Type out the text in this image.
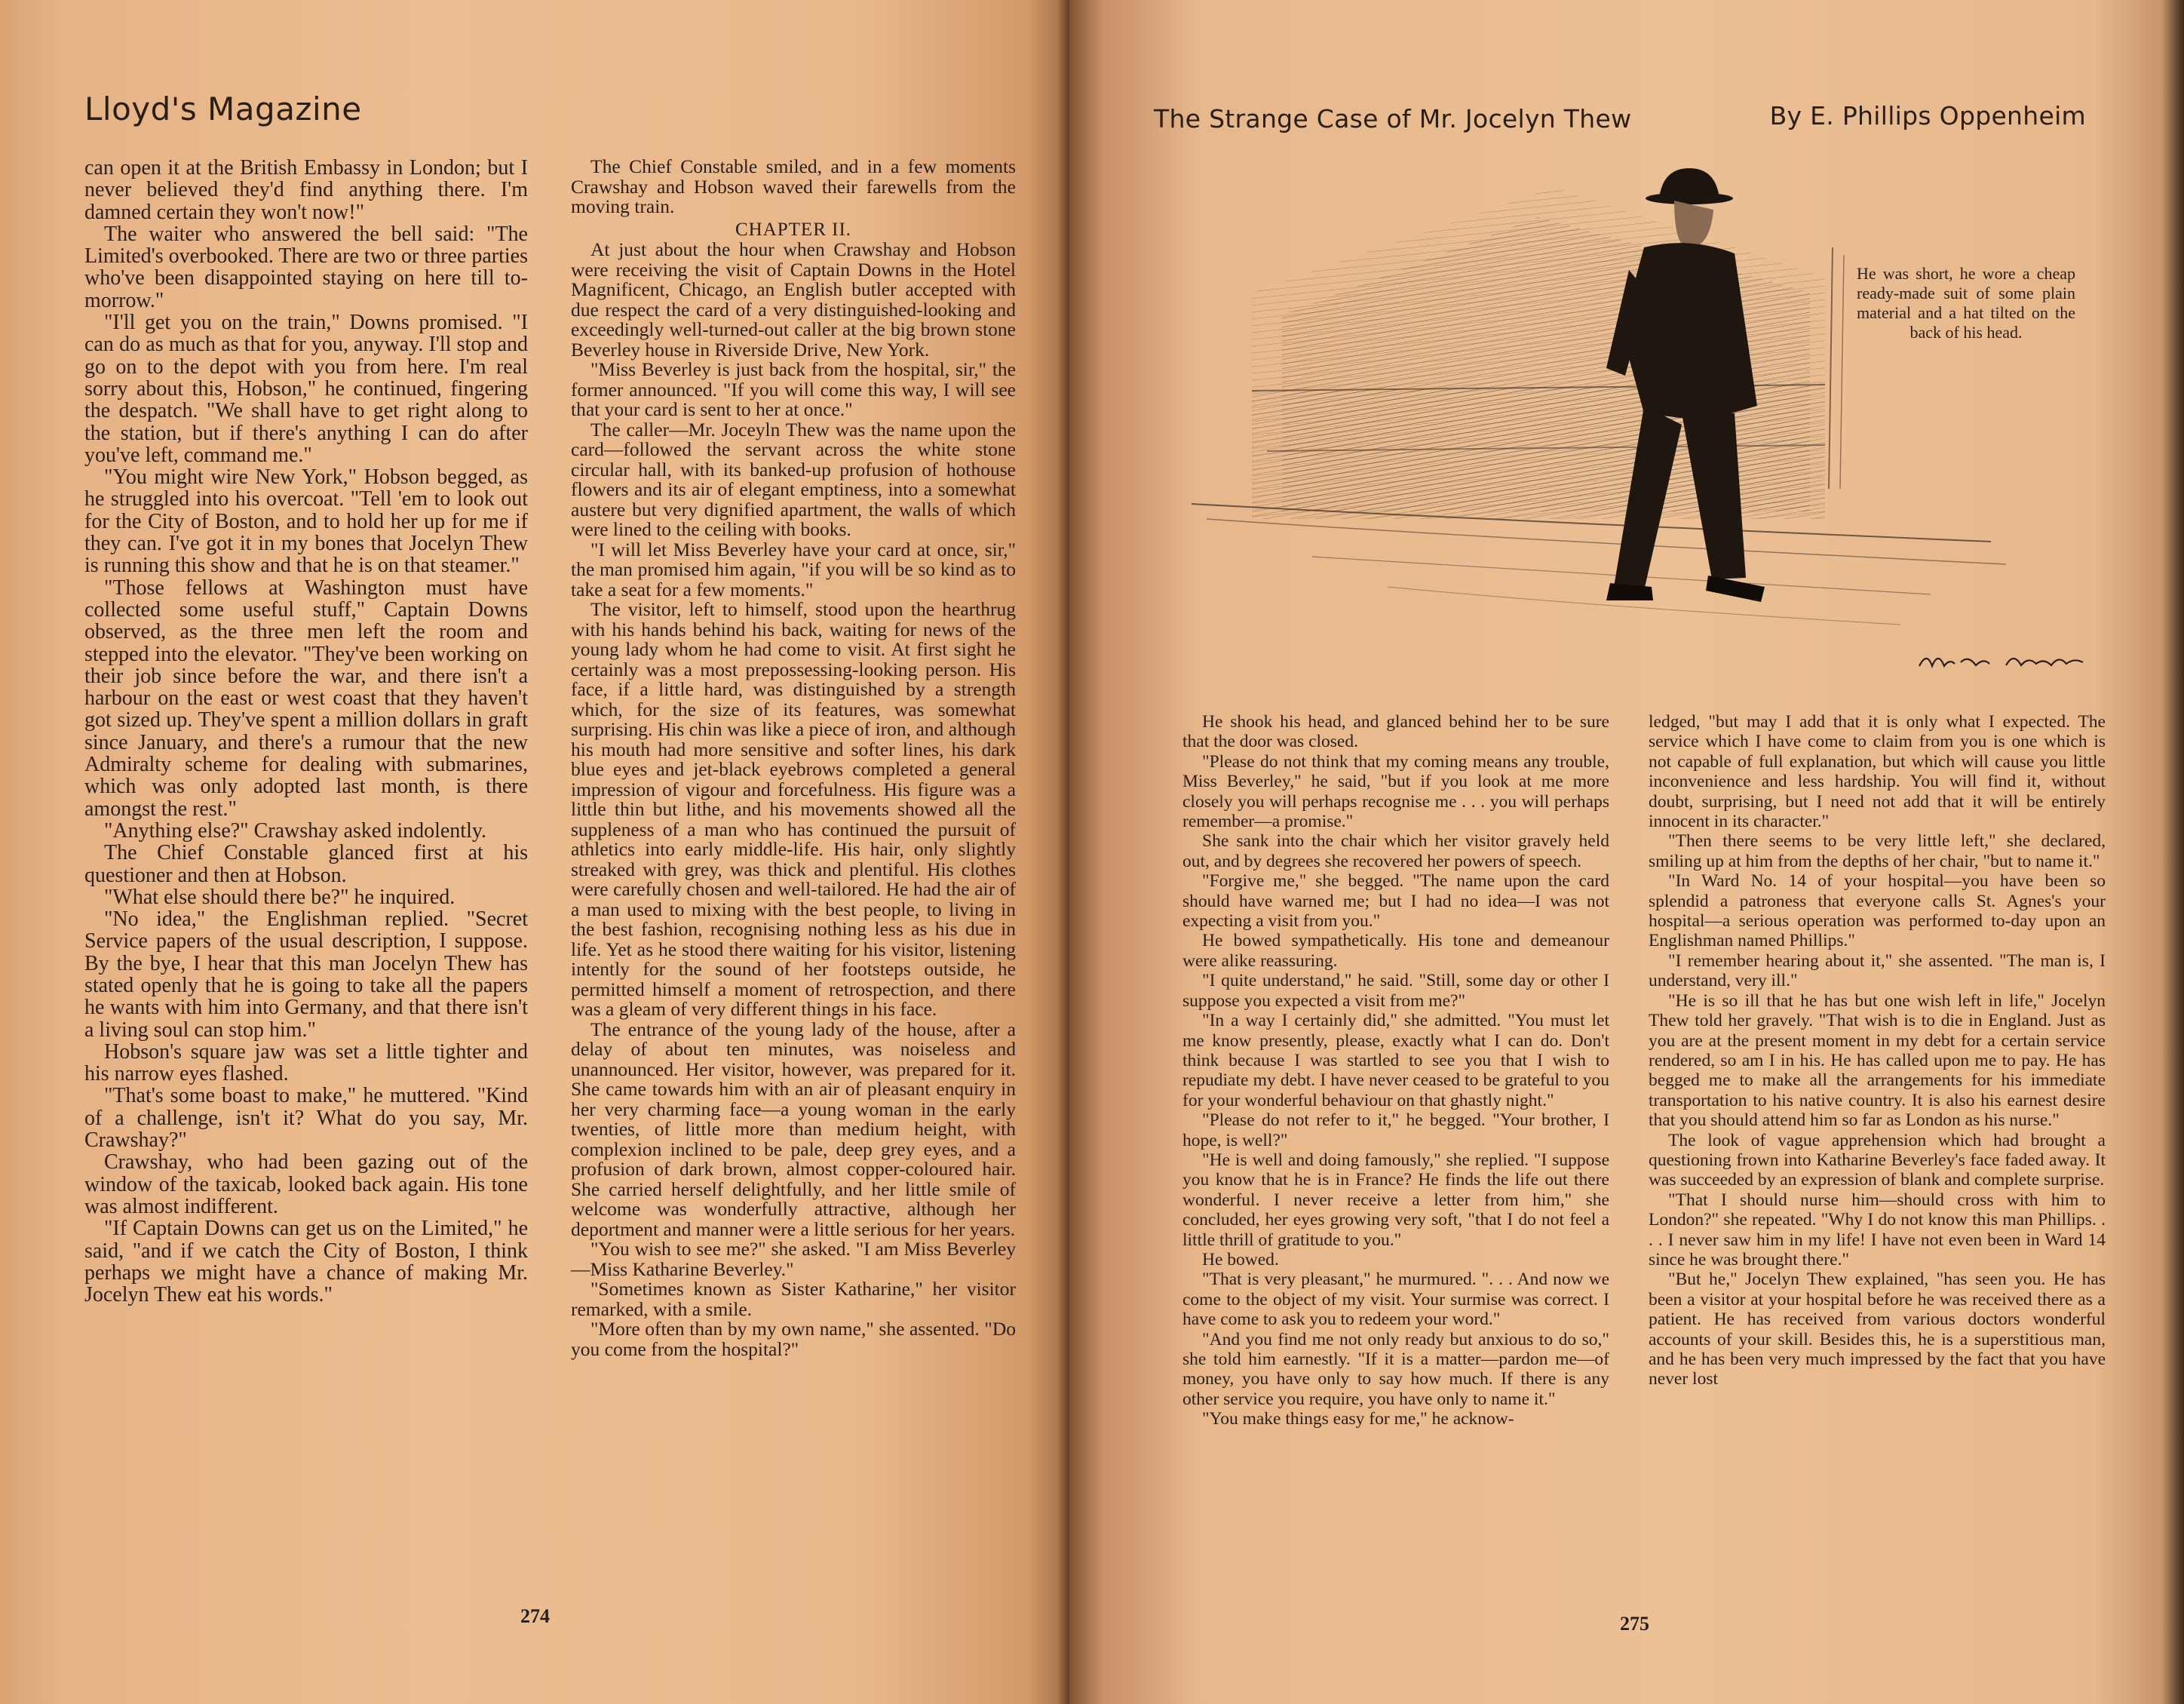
Lloyd's Magazine

can open it at the British Embassy in London; but I never believed they'd find anything there. I'm damned certain they won't now!"

The waiter who answered the bell said: "The Limited's overbooked. There are two or three parties who've been disappointed staying on here till to-morrow."

"I'll get you on the train," Downs promised. "I can do as much as that for you, anyway. I'll stop and go on to the depot with you from here. I'm real sorry about this, Hobson," he continued, fingering the despatch. "We shall have to get right along to the station, but if there's anything I can do after you've left, command me."

"You might wire New York," Hobson begged, as he struggled into his overcoat. "Tell 'em to look out for the City of Boston, and to hold her up for me if they can. I've got it in my bones that Jocelyn Thew is running this show and that he is on that steamer."

"Those fellows at Washington must have collected some useful stuff," Captain Downs observed, as the three men left the room and stepped into the elevator. "They've been working on their job since before the war, and there isn't a harbour on the east or west coast that they haven't got sized up. They've spent a million dollars in graft since January, and there's a rumour that the new Admiralty scheme for dealing with submarines, which was only adopted last month, is there amongst the rest."

"Anything else?" Crawshay asked indolently.

The Chief Constable glanced first at his questioner and then at Hobson.

"What else should there be?" he inquired.

"No idea," the Englishman replied. "Secret Service papers of the usual description, I suppose. By the bye, I hear that this man Jocelyn Thew has stated openly that he is going to take all the papers he wants with him into Germany, and that there isn't a living soul can stop him."

Hobson's square jaw was set a little tighter and his narrow eyes flashed.

"That's some boast to make," he muttered. "Kind of a challenge, isn't it? What do you say, Mr. Crawshay?"

Crawshay, who had been gazing out of the window of the taxicab, looked back again. His tone was almost indifferent.

"If Captain Downs can get us on the Limited," he said, "and if we catch the City of Boston, I think perhaps we might have a chance of making Mr. Jocelyn Thew eat his words."

The Chief Constable smiled, and in a few moments Crawshay and Hobson waved their farewells from the moving train.

CHAPTER II.

At just about the hour when Crawshay and Hobson were receiving the visit of Captain Downs in the Hotel Magnificent, Chicago, an English butler accepted with due respect the card of a very distinguished-looking and exceedingly well-turned-out caller at the big brown stone Beverley house in Riverside Drive, New York.

"Miss Beverley is just back from the hospital, sir," the former announced. "If you will come this way, I will see that your card is sent to her at once."

The caller—Mr. Joceyln Thew was the name upon the card—followed the servant across the white stone circular hall, with its banked-up profusion of hothouse flowers and its air of elegant emptiness, into a somewhat austere but very dignified apartment, the walls of which were lined to the ceiling with books.

"I will let Miss Beverley have your card at once, sir," the man promised him again, "if you will be so kind as to take a seat for a few moments."

The visitor, left to himself, stood upon the hearthrug with his hands behind his back, waiting for news of the young lady whom he had come to visit. At first sight he certainly was a most prepossessing-looking person. His face, if a little hard, was distinguished by a strength which, for the size of its features, was somewhat surprising. His chin was like a piece of iron, and although his mouth had more sensitive and softer lines, his dark blue eyes and jet-black eyebrows completed a general impression of vigour and forcefulness. His figure was a little thin but lithe, and his movements showed all the suppleness of a man who has continued the pursuit of athletics into early middle-life. His hair, only slightly streaked with grey, was thick and plentiful. His clothes were carefully chosen and well-tailored. He had the air of a man used to mixing with the best people, to living in the best fashion, recognising nothing less as his due in life. Yet as he stood there waiting for his visitor, listening intently for the sound of her footsteps outside, he permitted himself a moment of retrospection, and there was a gleam of very different things in his face.

The entrance of the young lady of the house, after a delay of about ten minutes, was noiseless and unannounced. Her visitor, however, was prepared for it. She came towards him with an air of pleasant enquiry in her very charming face—a young woman in the early twenties, of little more than medium height, with complexion inclined to be pale, deep grey eyes, and a profusion of dark brown, almost copper-coloured hair. She carried herself delightfully, and her little smile of welcome was wonderfully attractive, although her deportment and manner were a little serious for her years.

"You wish to see me?" she asked. "I am Miss Beverley—Miss Katharine Beverley."

"Sometimes known as Sister Katharine," her visitor remarked, with a smile.

"More often than by my own name," she assented. "Do you come from the hospital?"

274
The Strange Case of Mr. Jocelyn Thew	By E. Phillips Oppenheim
He was short, he wore a cheap ready-made suit of some plain material and a hat tilted on the back of his head.

He shook his head, and glanced behind her to be sure that the door was closed.

"Please do not think that my coming means any trouble, Miss Beverley," he said, "but if you look at me more closely you will perhaps recognise me . . . you will perhaps remember—a promise."

She sank into the chair which her visitor gravely held out, and by degrees she recovered her powers of speech.

"Forgive me," she begged. "The name upon the card should have warned me; but I had no idea—I was not expecting a visit from you."

He bowed sympathetically. His tone and demeanour were alike reassuring.

"I quite understand," he said. "Still, some day or other I suppose you expected a visit from me?"

"In a way I certainly did," she admitted. "You must let me know presently, please, exactly what I can do. Don't think because I was startled to see you that I wish to repudiate my debt. I have never ceased to be grateful to you for your wonderful behaviour on that ghastly night."

"Please do not refer to it," he begged. "Your brother, I hope, is well?"

"He is well and doing famously," she replied. "I suppose you know that he is in France? He finds the life out there wonderful. I never receive a letter from him," she concluded, her eyes growing very soft, "that I do not feel a little thrill of gratitude to you."

He bowed.

"That is very pleasant," he murmured. ". . . And now we come to the object of my visit. Your surmise was correct. I have come to ask you to redeem your word."

"And you find me not only ready but anxious to do so," she told him earnestly. "If it is a matter—pardon me—of money, you have only to say how much. If there is any other service you require, you have only to name it."

"You make things easy for me," he acknow-

ledged, "but may I add that it is only what I expected. The service which I have come to claim from you is one which is not capable of full explanation, but which will cause you little inconvenience and less hardship. You will find it, without doubt, surprising, but I need not add that it will be entirely innocent in its character."

"Then there seems to be very little left," she declared, smiling up at him from the depths of her chair, "but to name it."

"In Ward No. 14 of your hospital—you have been so splendid a patroness that everyone calls St. Agnes's your hospital—a serious operation was performed to-day upon an Englishman named Phillips."

"I remember hearing about it," she assented. "The man is, I understand, very ill."

"He is so ill that he has but one wish left in life," Jocelyn Thew told her gravely. "That wish is to die in England. Just as you are at the present moment in my debt for a certain service rendered, so am I in his. He has called upon me to pay. He has begged me to make all the arrangements for his immediate transportation to his native country. It is also his earnest desire that you should attend him so far as London as his nurse."

The look of vague apprehension which had brought a questioning frown into Katharine Beverley's face faded away. It was succeeded by an expression of blank and complete surprise.

"That I should nurse him—should cross with him to London?" she repeated. "Why I do not know this man Phillips. . . . I never saw him in my life! I have not even been in Ward 14 since he was brought there."

"But he," Jocelyn Thew explained, "has seen you. He has been a visitor at your hospital before he was received there as a patient. He has received from various doctors wonderful accounts of your skill. Besides this, he is a superstitious man, and he has been very much impressed by the fact that you have never lost

275
